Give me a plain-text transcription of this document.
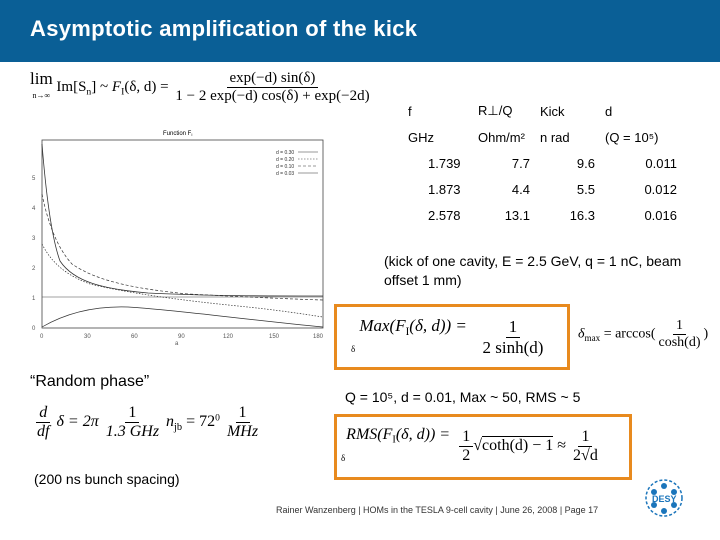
Asymptotic amplification of the kick
lim
n→∞ $Im[S_n]$ ~ $F_I(\delta$, $d) = \frac{\exp(-d) \sin(\delta)}{1 - 2 \exp(-d) \cos(\delta) + \exp(-2d)}$
Function FI
5
4
3
2
1
0
0	30	60	90	120	150	180
a
d = 0.30
d = 0.20
d = 0.10
d = 0.03
f	R⊥/Q	Kick	d
GHz	Ohm/m²	n rad	(Q = 10⁵)
1.739	7.7	9.6	0.011
1.873	4.4	5.5	0.012
2.578	13.1	16.3	0.016
(kick of one cavity, E = 2.5 GeV, q = 1 nC, beam offset 1 mm)
$Max(F_I(\delta$, d)) =
δ	$\frac{1}{2 \sinh(d)} \delta_{max} = \arccos( \frac{1}{\cosh(d)}$ )
“Random phase”
Q = 10⁵, d = 0.01, Max ~ 50, RMS ~ 5
$\frac{d}{df}$ $\delta = 2\pi \frac{1}{\text{1.3 GHz}} n_{jb} = 72^0 \frac{1}{\text{MHz}}$	$RMS(F_I(\delta$, d)) =
δ	$\frac{1}{2} √\cot h(d) - 1 \approx \frac{1}{2√d}$
(200 ns bunch spacing)
Rainer Wanzenberg | HOMs in the TESLA 9-cell cavity | June 26, 2008 | Page 17
DESY
